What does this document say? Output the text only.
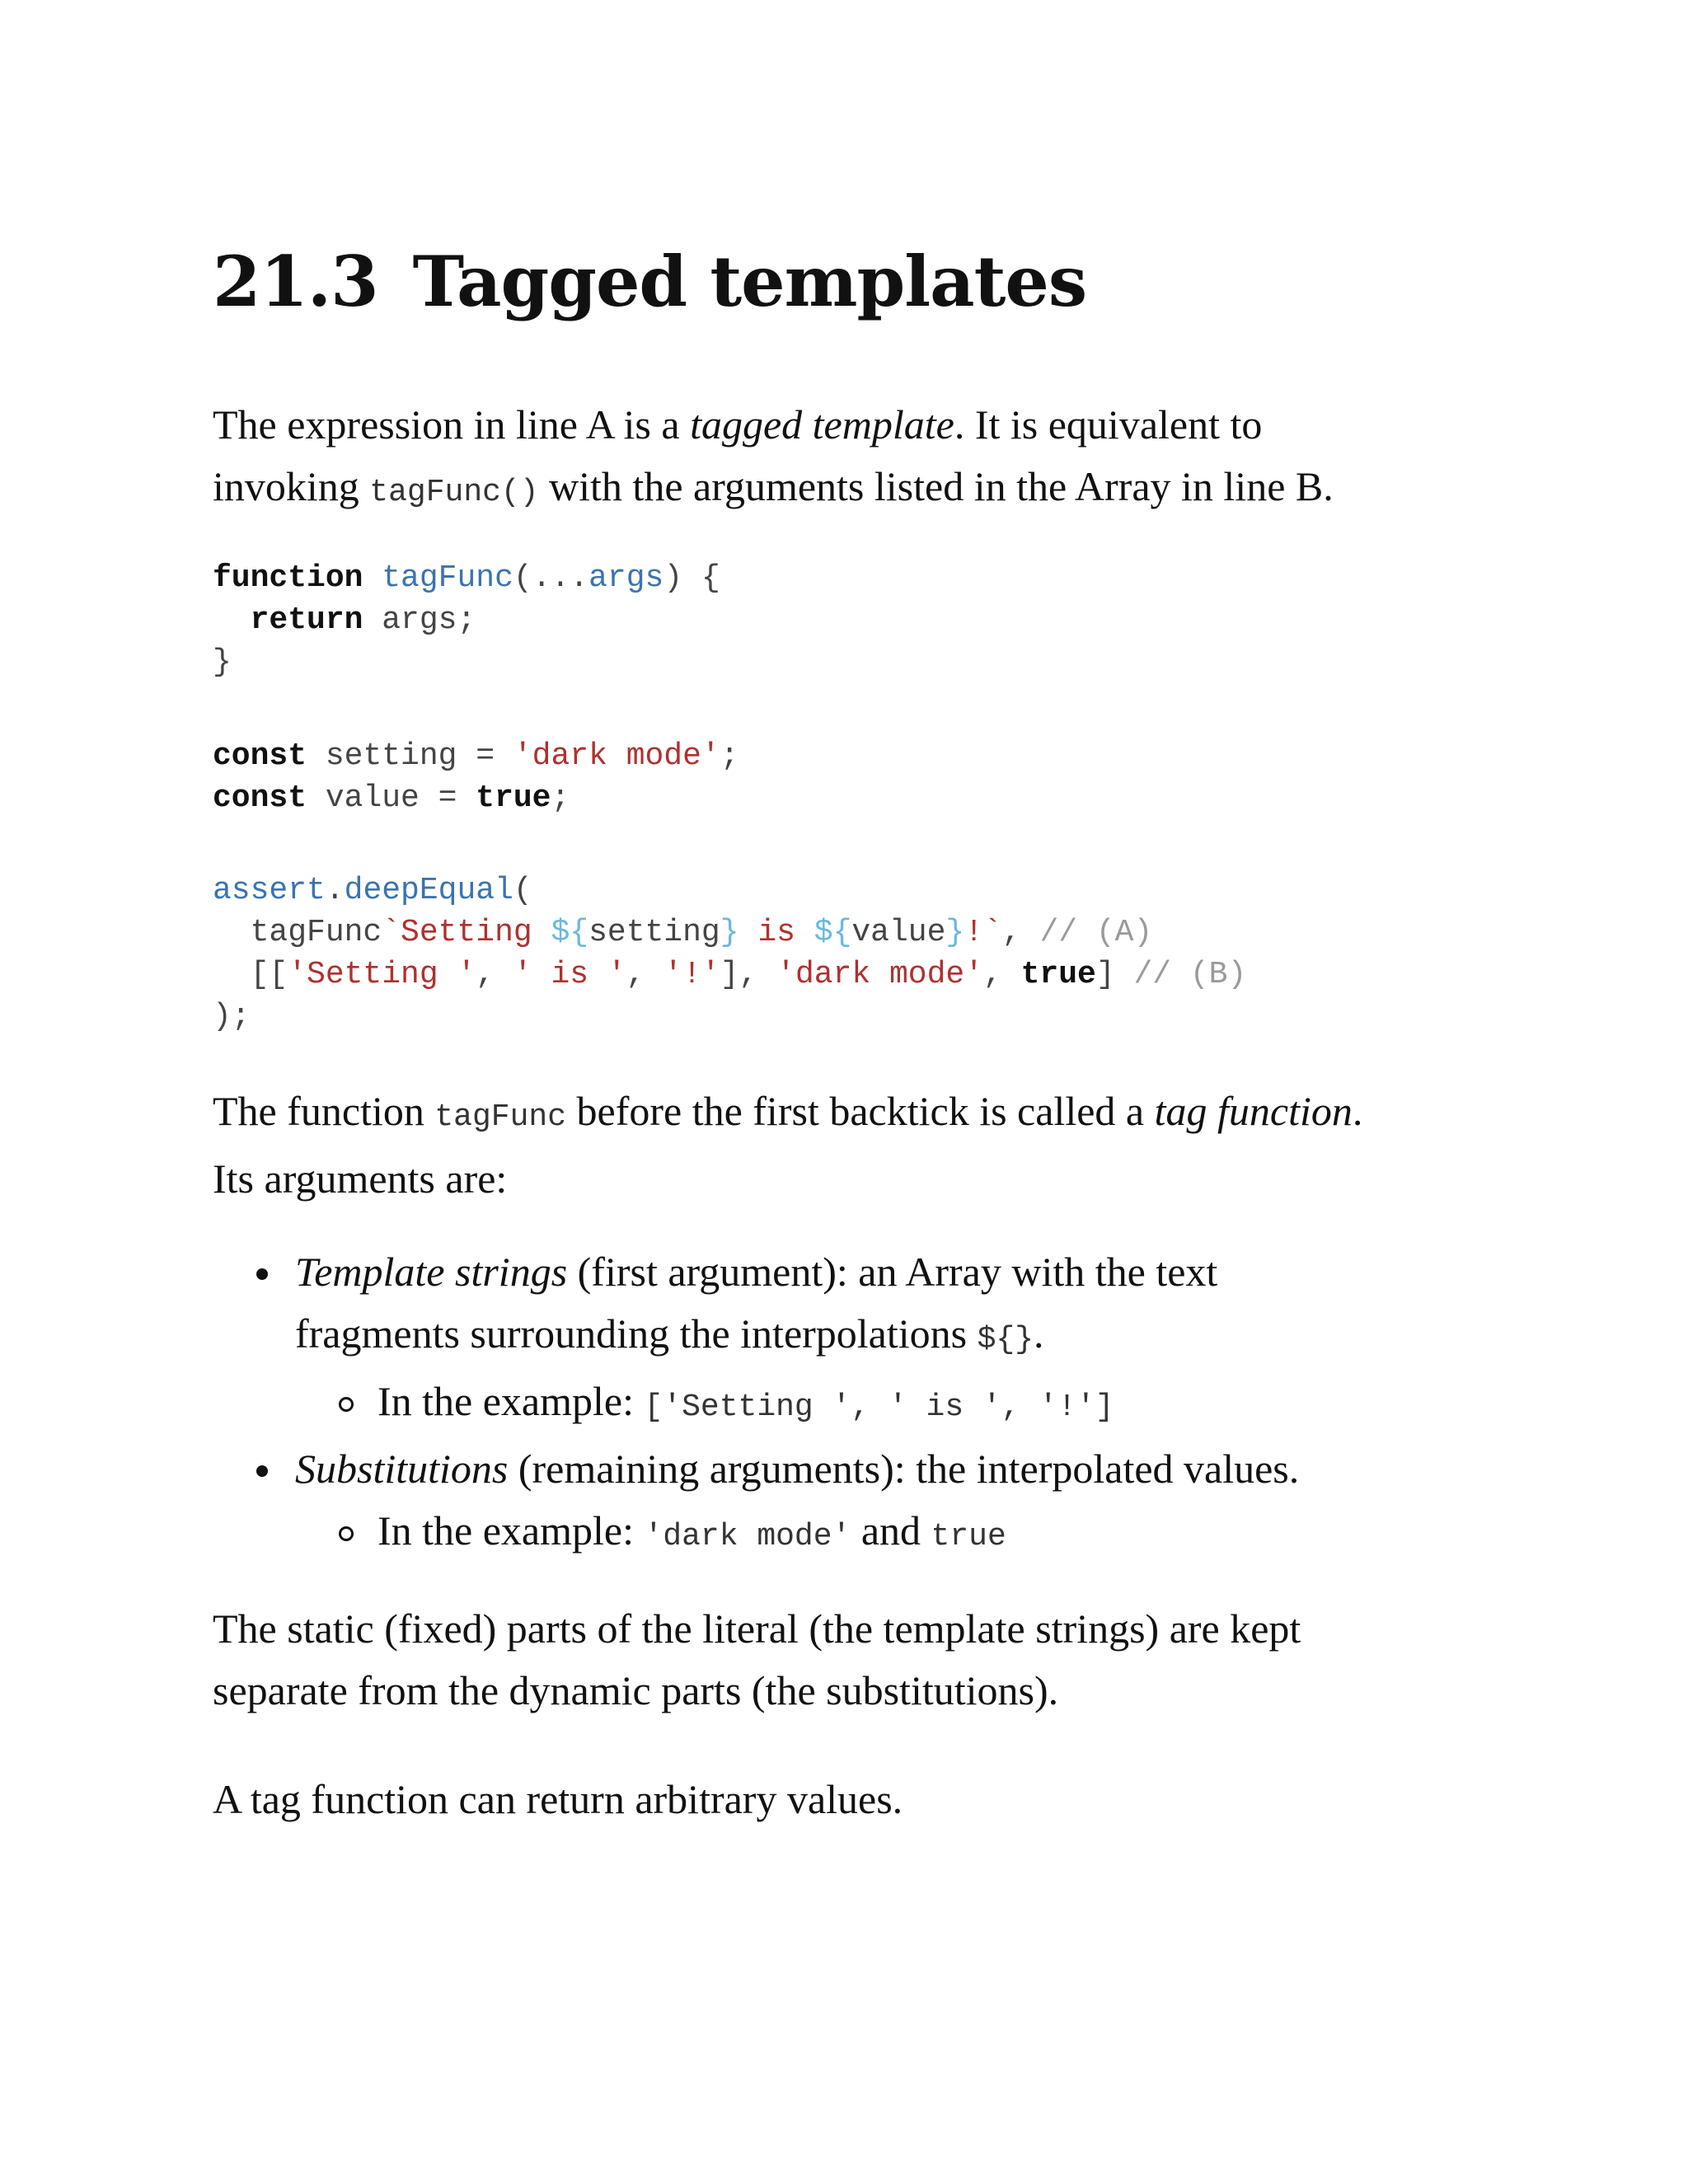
21.3 Tagged templates

The expression in line A is a tagged template. It is equivalent to
invoking tagFunc() with the arguments listed in the Array in line B.

function tagFunc(...args) {
return args;
}
const setting = 'dark mode';
const value = true;
assert.deepEqual(
tagFunc`Setting ${setting} is ${value}!`, // (A)
[['Setting ', ' is ', '!'], 'dark mode', true] // (B)
);

The function tagFunc before the first backtick is called a tag function.
Its arguments are:

Template strings (first argument): an Array with the text
fragments surrounding the interpolations ${}.
In the example: ['Setting ', ' is ', '!']
Substitutions (remaining arguments): the interpolated values.
In the example: 'dark mode' and true

The static (fixed) parts of the literal (the template strings) are kept
separate from the dynamic parts (the substitutions).

A tag function can return arbitrary values.
